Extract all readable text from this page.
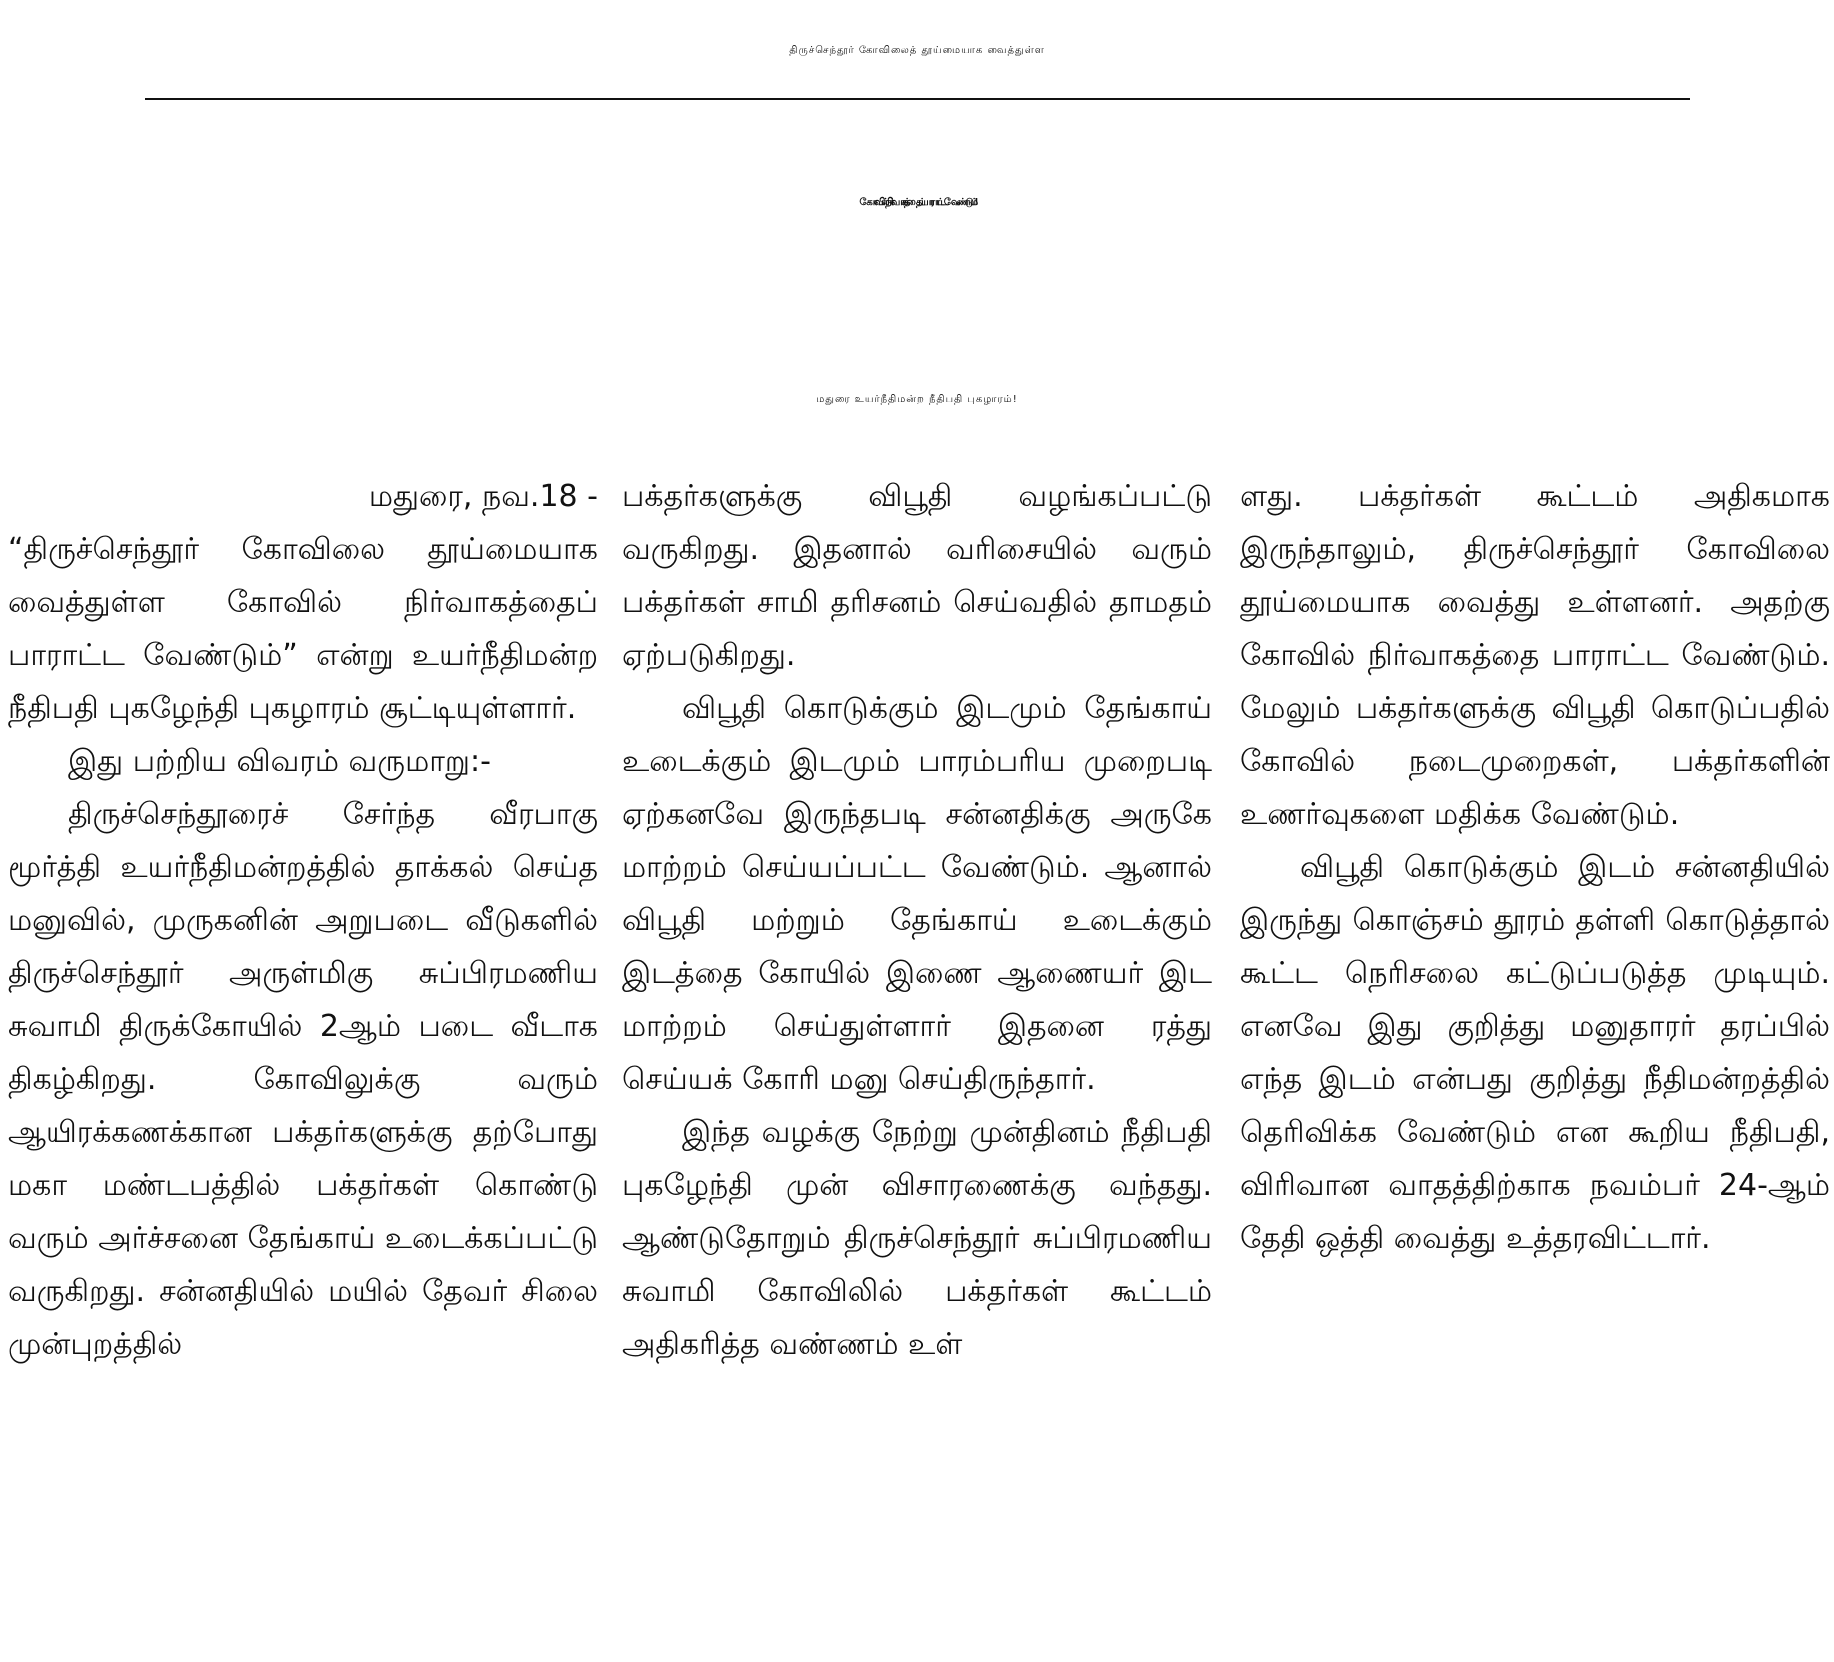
திருச்செந்தூர் கோவிலைத் தூய்மையாக வைத்துள்ள
கோவில் நிர்வாகத்தைப் பாராட்ட வேண்டும்!
மதுரை உயர்நீதிமன்ற நீதிபதி புகழாரம்!

மதுரை, நவ.18 -

“திருச்செந்தூர் கோவிலை தூய்மையாக வைத்துள்ள கோவில் நிர்வாகத்தைப் பாராட்ட வேண்டும்” என்று உயர்நீதிமன்ற நீதிபதி புகழேந்தி புகழாரம் சூட்டியுள்ளார்.

இது பற்றிய விவரம் வருமாறு:-

திருச்செந்தூரைச் சேர்ந்த வீரபாகு மூர்த்தி உயர்நீதிமன்றத்தில் தாக்கல் செய்த மனுவில், முருகனின் அறுபடை வீடுகளில் திருச்செந்தூர் அருள்மிகு சுப்பிரமணிய சுவாமி திருக்கோயில் 2ஆம் படை வீடாக திகழ்கிறது. கோவிலுக்கு வரும் ஆயிரக்கணக்கான பக்தர்களுக்கு தற்போது மகா மண்டபத்தில் பக்தர்கள் கொண்டு வரும் அர்ச்சனை தேங்காய் உடைக்கப்பட்டு வருகிறது. சன்னதியில் மயில் தேவர் சிலை முன்புறத்தில்

பக்தர்களுக்கு விபூதி வழங்கப்பட்டு வருகிறது. இதனால் வரிசையில் வரும் பக்தர்கள் சாமி தரிசனம் செய்வதில் தாமதம் ஏற்படுகிறது.

விபூதி கொடுக்கும் இடமும் தேங்காய் உடைக்கும் இடமும் பாரம்பரிய முறைபடி ஏற்கனவே இருந்தபடி சன்னதிக்கு அருகே மாற்றம் செய்யப்பட்ட வேண்டும். ஆனால் விபூதி மற்றும் தேங்காய் உடைக்கும் இடத்தை கோயில் இணை ஆணையர் இட மாற்றம் செய்துள்ளார் இதனை ரத்து செய்யக் கோரி மனு செய்திருந்தார்.

இந்த வழக்கு நேற்று முன்தினம் நீதிபதி புகழேந்தி முன் விசாரணைக்கு வந்தது. ஆண்டுதோறும் திருச்செந்தூர் சுப்பிரமணிய சுவாமி கோவிலில் பக்தர்கள் கூட்டம் அதிகரித்த வண்ணம் உள்

ளது. பக்தர்கள் கூட்டம் அதிகமாக இருந்தாலும், திருச்செந்தூர் கோவிலை தூய்மையாக வைத்து உள்ளனர். அதற்கு கோவில் நிர்வாகத்தை பாராட்ட வேண்டும். மேலும் பக்தர்களுக்கு விபூதி கொடுப்பதில் கோவில் நடைமுறைகள், பக்தர்களின் உணர்வுகளை மதிக்க வேண்டும்.

விபூதி கொடுக்கும் இடம் சன்னதியில் இருந்து கொஞ்சம் தூரம் தள்ளி கொடுத்தால் கூட்ட நெரிசலை கட்டுப்படுத்த முடியும். எனவே இது குறித்து மனுதாரர் தரப்பில் எந்த இடம் என்பது குறித்து நீதிமன்றத்தில் தெரிவிக்க வேண்டும் என கூறிய நீதிபதி, விரிவான வாதத்திற்காக நவம்பர் 24-ஆம் தேதி ஒத்தி வைத்து உத்தரவிட்டார்.
